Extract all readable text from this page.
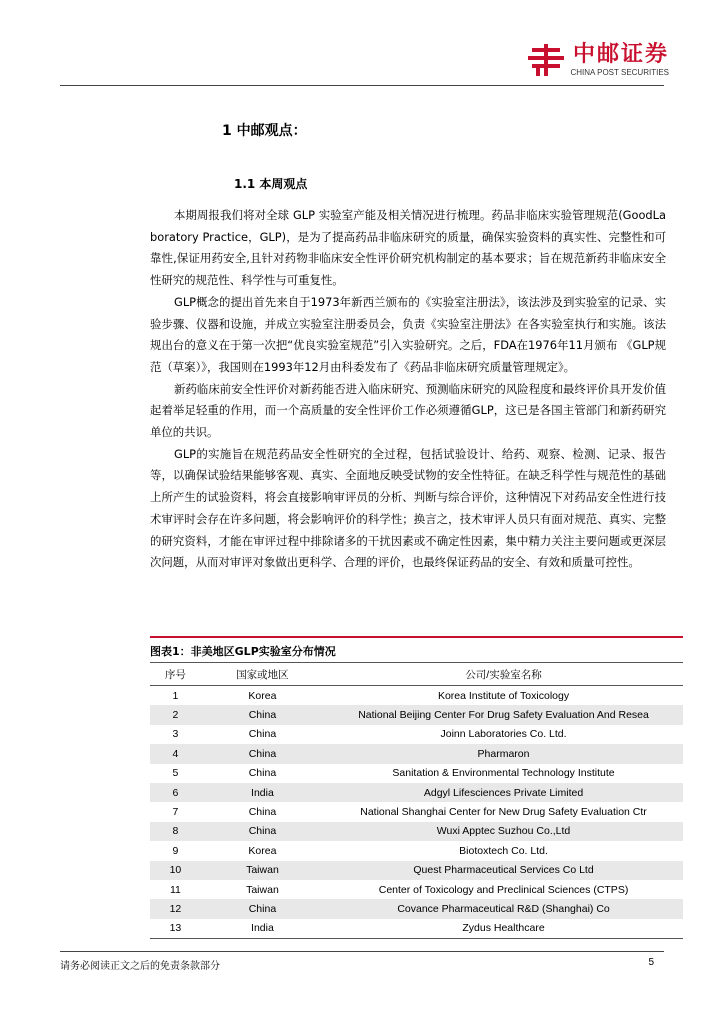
中邮证券
CHINA POST SECURITIES
1 中邮观点：
1.1 本周观点

本期周报我们将对全球 GLP 实验室产能及相关情况进行梳理。药品非临床实验管理规范(GoodLaboratory Practice，GLP)，是为了提高药品非临床研究的质量，确保实验资料的真实性、完整性和可靠性,保证用药安全,且针对药物非临床安全性评价研究机构制定的基本要求；旨在规范新药非临床安全性研究的规范性、科学性与可重复性。

GLP概念的提出首先来自于1973年新西兰颁布的《实验室注册法》，该法涉及到实验室的记录、实验步骤、仪器和设施，并成立实验室注册委员会，负责《实验室注册法》在各实验室执行和实施。该法规出台的意义在于第一次把“优良实验室规范”引入实验研究。之后，FDA在1976年11月颁布 《GLP规范（草案）》，我国则在1993年12月由科委发布了《药品非临床研究质量管理规定》。

新药临床前安全性评价对新药能否进入临床研究、预测临床研究的风险程度和最终评价具开发价值起着举足轻重的作用，而一个高质量的安全性评价工作必须遵循GLP，这已是各国主管部门和新药研究单位的共识。

GLP的实施旨在规范药品安全性研究的全过程，包括试验设计、给药、观察、检测、记录、报告等，以确保试验结果能够客观、真实、全面地反映受试物的安全性特征。在缺乏科学性与规范性的基础上所产生的试验资料，将会直接影响审评员的分析、判断与综合评价，这种情况下对药品安全性进行技术审评时会存在许多问题，将会影响评价的科学性；换言之，技术审评人员只有面对规范、真实、完整的研究资料，才能在审评过程中排除诸多的干扰因素或不确定性因素，集中精力关注主要问题或更深层次问题，从而对审评对象做出更科学、合理的评价，也最终保证药品的安全、有效和质量可控性。

图表1：非美地区GLP实验室分布情况
序号	国家或地区	公司/实验室名称
1	Korea	Korea Institute of Toxicology
2	China	National Beijing Center For Drug Safety Evaluation And Resea
3	China	Joinn Laboratories Co. Ltd.
4	China	Pharmaron
5	China	Sanitation & Environmental Technology Institute
6	India	Adgyl Lifesciences Private Limited
7	China	National Shanghai Center for New Drug Safety Evaluation Ctr
8	China	Wuxi Apptec Suzhou Co.,Ltd
9	Korea	Biotoxtech Co. Ltd.
10	Taiwan	Quest Pharmaceutical Services Co Ltd
11	Taiwan	Center of Toxicology and Preclinical Sciences (CTPS)
12	China	Covance Pharmaceutical R&D (Shanghai) Co
13	India	Zydus Healthcare
请务必阅读正文之后的免责条款部分	5
